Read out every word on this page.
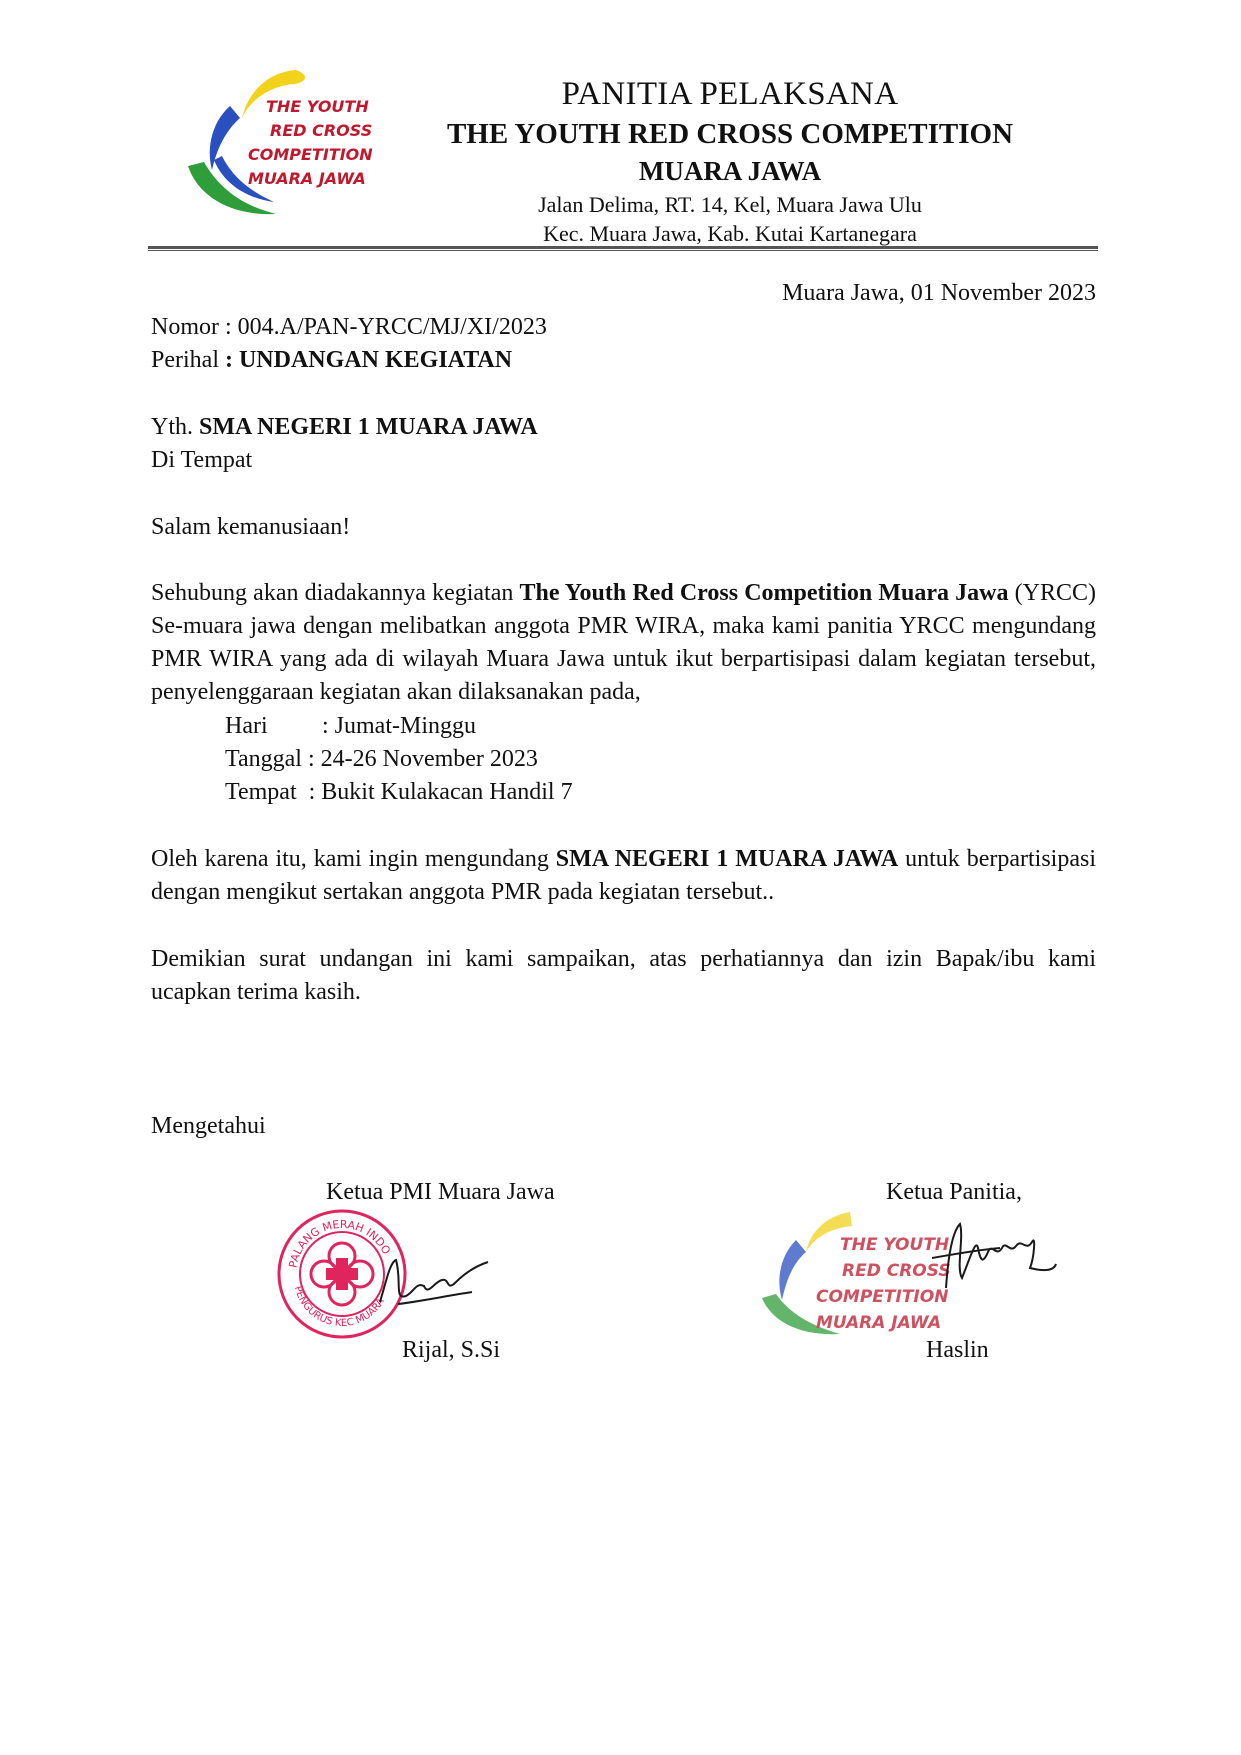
THE YOUTH
RED CROSS
COMPETITION
MUARA JAWA
PANITIA PELAKSANA
THE YOUTH RED CROSS COMPETITION
MUARA JAWA
Jalan Delima, RT. 14, Kel, Muara Jawa Ulu
Kec. Muara Jawa, Kab. Kutai Kartanegara
Muara Jawa, 01 November 2023
Nomor : 004.A/PAN-YRCC/MJ/XI/2023
Perihal : UNDANGAN KEGIATAN
Yth. SMA NEGERI 1 MUARA JAWA
Di Tempat
Salam kemanusiaan!
Sehubung akan diadakannya kegiatan The Youth Red Cross Competition Muara Jawa (YRCC) Se-muara jawa dengan melibatkan anggota PMR WIRA, maka kami panitia YRCC mengundang PMR WIRA yang ada di wilayah Muara Jawa untuk ikut berpartisipasi dalam kegiatan tersebut, penyelenggaraan kegiatan akan dilaksanakan pada,
Hari : Jumat-Minggu
Tanggal : 24-26 November 2023
Tempat : Bukit Kulakacan Handil 7
Oleh karena itu, kami ingin mengundang SMA NEGERI 1 MUARA JAWA untuk berpartisipasi dengan mengikut sertakan anggota PMR pada kegiatan tersebut..
Demikian surat undangan ini kami sampaikan, atas perhatiannya dan izin Bapak/ibu kami ucapkan terima kasih.
Mengetahui
Ketua PMI Muara Jawa	Ketua Panitia,
PALANG MERAH INDO
PENGURUS KEC MUARA
THE YOUTH
RED CROSS
COMPETITION
MUARA JAWA
Rijal, S.Si	Haslin
